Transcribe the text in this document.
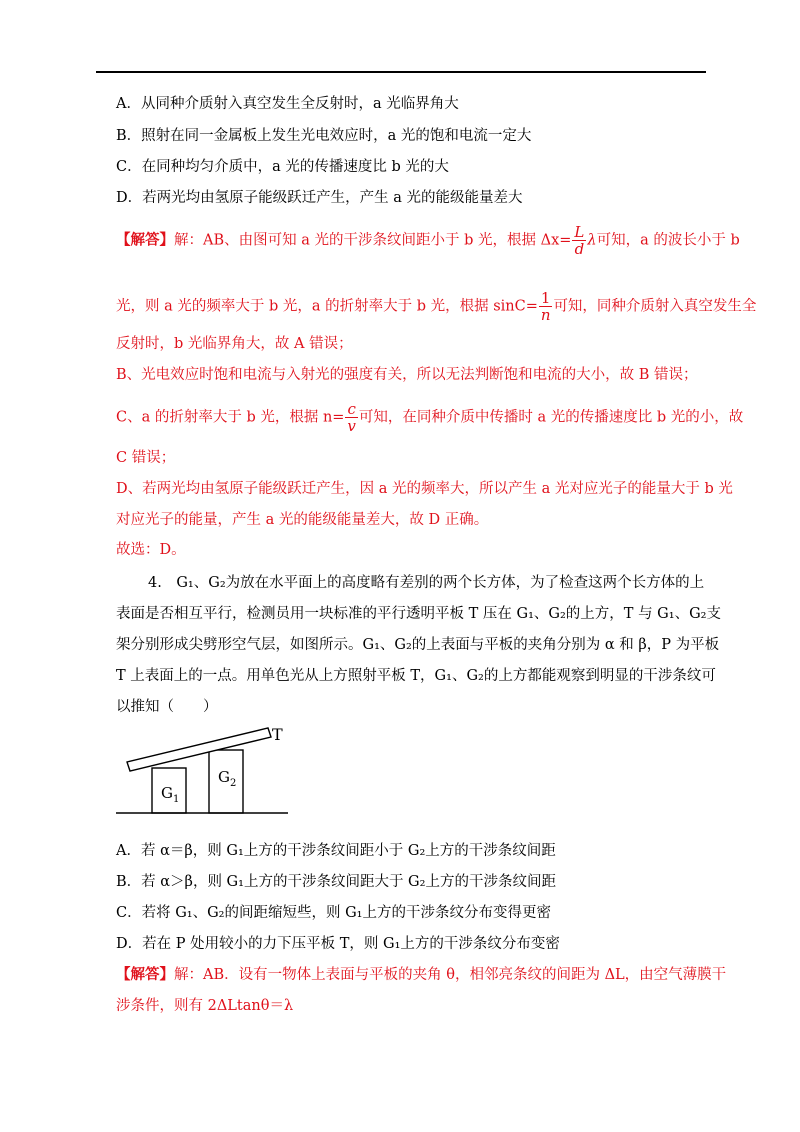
A．从同种介质射入真空发生全反射时，a 光临界角大
B．照射在同一金属板上发生光电效应时，a 光的饱和电流一定大
C．在同种均匀介质中，a 光的传播速度比 b 光的大
D．若两光均由氢原子能级跃迁产生，产生 a 光的能级能量差大
【解答】解：AB、由图可知 a 光的干涉条纹间距小于 b 光，根据 $\Delta x= \frac{L}{d}$ λ可知，a 的波长小于 b
光，则 a 光的频率大于 b 光，a 的折射率大于 b 光，根据 $\sin C= \frac{1}{n}$ 可知，同种介质射入真空发生全
反射时，b 光临界角大，故 A 错误；
B、光电效应时饱和电流与入射光的强度有关，所以无法判断饱和电流的大小，故 B 错误；
C、a 的折射率大于 b 光，根据 $n= \frac{c}{v}$ 可知，在同种介质中传播时 a 光的传播速度比 b 光的小，故
C 错误；
D、若两光均由氢原子能级跃迁产生，因 a 光的频率大，所以产生 a 光对应光子的能量大于 b 光
对应光子的能量，产生 a 光的能级能量差大，故 D 正确。
故选：D。
4.　G₁、G₂为放在水平面上的高度略有差别的两个长方体，为了检查这两个长方体的上
表面是否相互平行，检测员用一块标准的平行透明平板 T 压在 G₁、G₂的上方，T 与 G₁、G₂支
架分别形成尖劈形空气层，如图所示。G₁、G₂的上表面与平板的夹角分别为 α 和 β，P 为平板
T 上表面上的一点。用单色光从上方照射平板 T，G₁、G₂的上方都能观察到明显的干涉条纹可
以推知（　　）
T
$G_1$
$G_2$
A．若 α＝β，则 G₁上方的干涉条纹间距小于 G₂上方的干涉条纹间距
B．若 α＞β，则 G₁上方的干涉条纹间距大于 G₂上方的干涉条纹间距
C．若将 G₁、G₂的间距缩短些，则 G₁上方的干涉条纹分布变得更密
D．若在 P 处用较小的力下压平板 T，则 G₁上方的干涉条纹分布变密
【解答】解：AB．设有一物体上表面与平板的夹角 θ，相邻亮条纹的间距为 ΔL，由空气薄膜干
涉条件，则有 2ΔLtanθ＝λ
